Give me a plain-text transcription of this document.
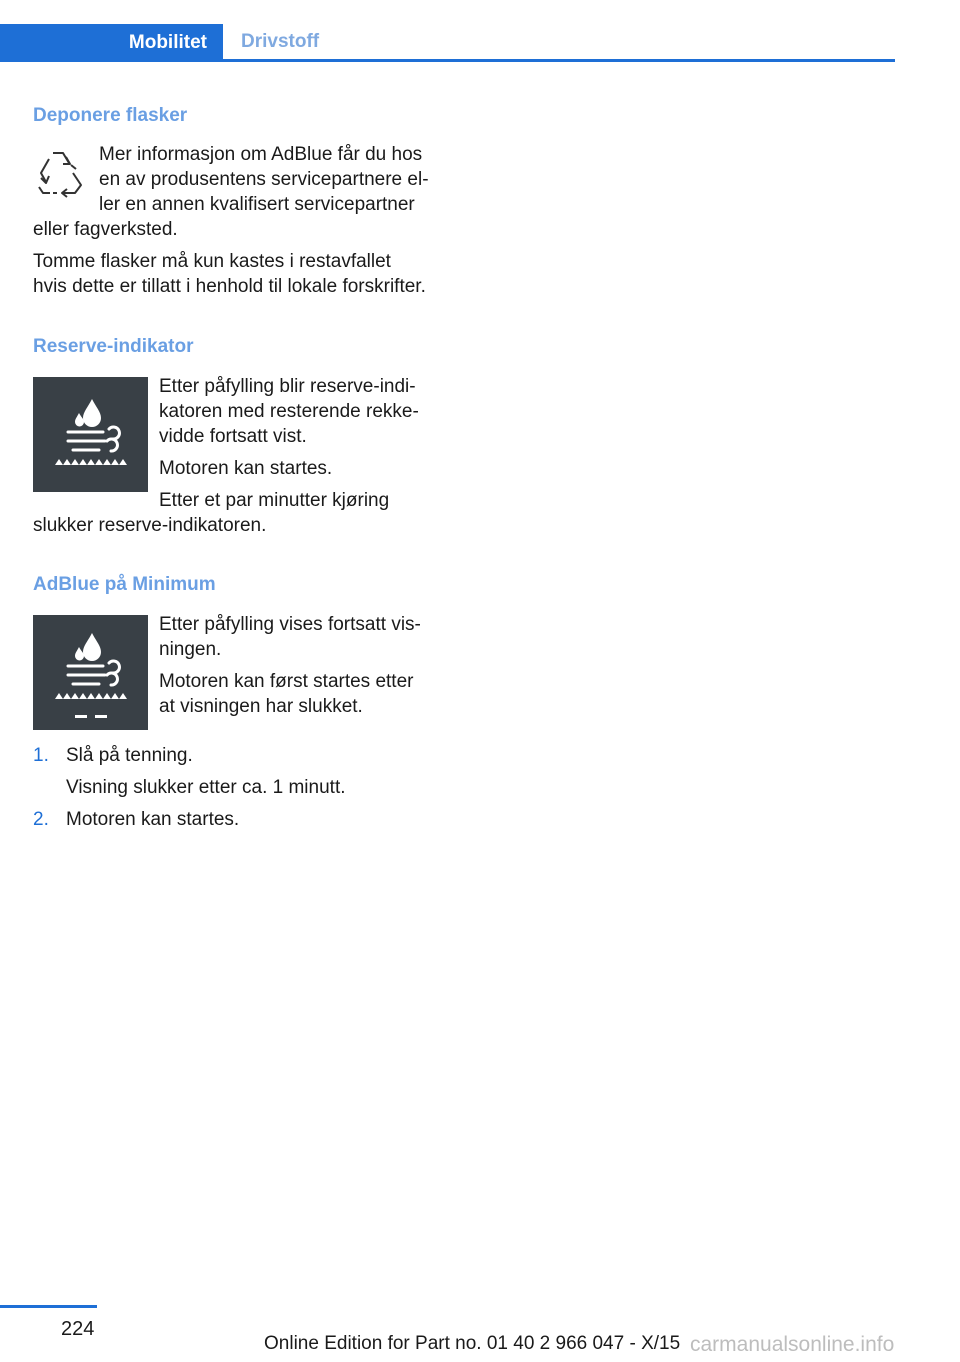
Mobilitet	Drivstoff
Deponere flasker
Mer informasjon om AdBlue får du hos
en av produsentens servicepartnere el‐
ler en annen kvalifisert servicepartner
eller fagverksted.
Tomme flasker må kun kastes i restavfallet
hvis dette er tillatt i henhold til lokale forskrifter.
Reserve-indikator
Etter påfylling blir reserve-indi‐
katoren med resterende rekke‐
vidde fortsatt vist.
Motoren kan startes.
Etter et par minutter kjøring
slukker reserve-indikatoren.
AdBlue på Minimum
Etter påfylling vises fortsatt vis‐
ningen.
Motoren kan først startes etter
at visningen har slukket.
1. Slå på tenning.
Visning slukker etter ca. 1 minutt.
2. Motoren kan startes.
224
Online Edition for Part no. 01 40 2 966 047 - X/15 carmanualsonline.info
